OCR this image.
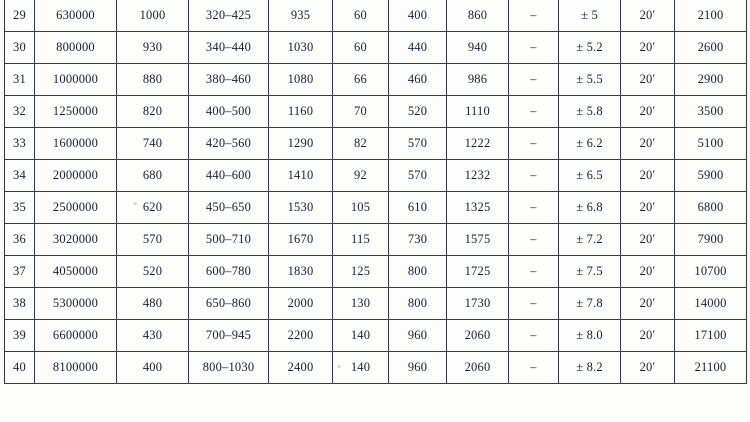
29	630000	1000	320–425	935	60	400	860	–	± 5	20′	2100
30	800000	930	340–440	1030	60	440	940	–	± 5.2	20′	2600
31	1000000	880	380–460	1080	66	460	986	–	± 5.5	20′	2900
32	1250000	820	400–500	1160	70	520	1110	–	± 5.8	20′	3500
33	1600000	740	420–560	1290	82	570	1222	–	± 6.2	20′	5100
34	2000000	680	440–600	1410	92	570	1232	–	± 6.5	20′	5900
35	2500000	620	450–650	1530	105	610	1325	–	± 6.8	20′	6800
36	3020000	570	500–710	1670	115	730	1575	–	± 7.2	20′	7900
37	4050000	520	600–780	1830	125	800	1725	–	± 7.5	20′	10700
38	5300000	480	650–860	2000	130	800	1730	–	± 7.8	20′	14000
39	6600000	430	700–945	2200	140	960	2060	–	± 8.0	20′	17100
40	8100000	400	800–1030	2400	140	960	2060	–	± 8.2	20′	21100
